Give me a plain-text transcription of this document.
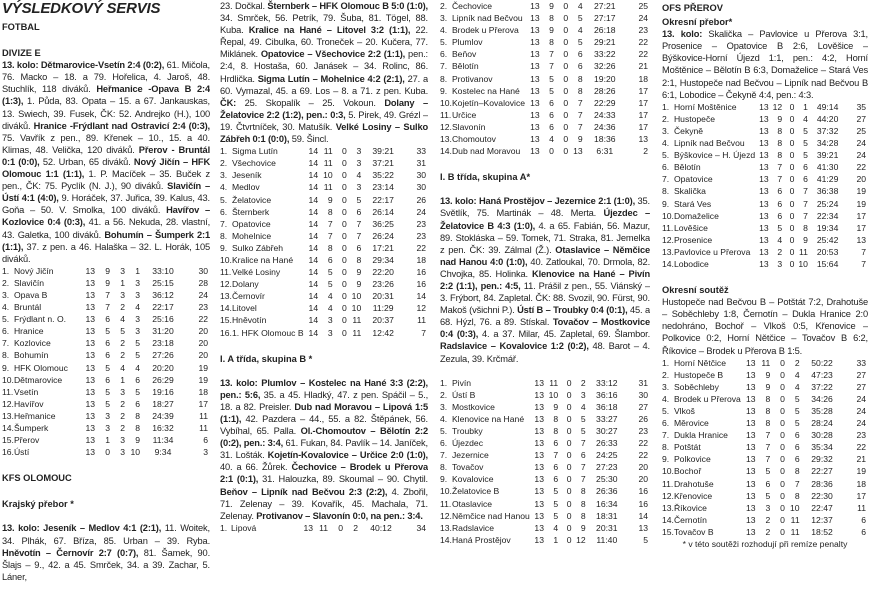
VÝSLEDKOVÝ SERVIS
FOTBAL
DIVIZE E

13. kolo: Dětmarovice-Vsetín 2:4 (0:2), 61. Mičola, 76. Macko – 18. a 79. Hořelica, 4. Jaroš, 48. Stuchlík, 118 diváků. Heřmanice -Opava B 2:4 (1:3), 1. Půda, 83. Opata – 15. a 67. Jankauskas, 13. Swiech, 39. Fusek, ČK: 52. Andrejko (H.), 100 diváků. Hranice -Frýdlant nad Ostravicí 2:4 (0:3), 75. Vavřík z pen., 89. Křenek – 10., 15. a 40. Klimas, 48. Velička, 120 diváků. Přerov - Bruntál 0:1 (0:0), 52. Urban, 65 diváků. Nový Jičín – HFK Olomouc 1:1 (1:1), 1. P. Macíček – 35. Buček z pen., ČK: 75. Pyclík (N. J.), 90 diváků. Slavičín – Ústí 4:1 (4:0), 9. Horáček, 37. Juřica, 39. Kalus, 43. Goňa – 50. V. Smolka, 100 diváků. Havířov – Kozlovice 0:4 (0:3), 41. a 56. Nekuda, 28. vlastní, 43. Galetka, 100 diváků. Bohumín – Šumperk 2:1 (1:1), 37. z pen. a 46. Halaška – 32. L. Horák, 105 diváků.

1.	Nový Jičín	13	9	3	1	33:10	30
2.	Slavičín	13	9	1	3	25:15	28
3.	Opava B	13	7	3	3	36:12	24
4.	Bruntál	13	7	2	4	22:17	23
5.	Frýdlant n. O.	13	6	4	3	25:16	22
6.	Hranice	13	5	5	3	31:20	20
7.	Kozlovice	13	6	2	5	23:18	20
8.	Bohumín	13	6	2	5	27:26	20
9.	HFK Olomouc	13	5	4	4	20:20	19
10.	Dětmarovice	13	6	1	6	26:29	19
11.	Vsetín	13	5	3	5	19:16	18
12.	Havířov	13	5	2	6	18:27	17
13.	Heřmanice	13	3	2	8	24:39	11
14.	Šumperk	13	3	2	8	16:32	11
15.	Přerov	13	1	3	9	11:34	6
16.	Ústí	13	0	3	10	9:34	3
KFS OLOMOUC
Krajský přebor *

13. kolo: Jeseník – Medlov 4:1 (2:1), 11. Woitek, 34. Plhák, 67. Bříza, 85. Urban – 39. Ryba. Hněvotín – Černovír 2:7 (0:7), 81. Šamek, 90. Šlajs – 9., 42. a 45. Smrček, 34. a 39. Zachar, 5. Láner,

23. Dočkal. Šternberk – HFK Olomouc B 5:0 (1:0), 34. Smrček, 56. Petrík, 79. Šuba, 81. Tögel, 88. Kuba. Kralice na Hané – Litovel 3:2 (1:1), 22. Řepal, 49. Cibulka, 60. Troneček – 20. Kučera, 77. Miklánek. Opatovice – Všechovice 2:2 (1:1), pen.: 2:4, 8. Hostaša, 60. Janásek – 34. Rolinc, 86. Hrdlička. Sigma Lutín – Mohelnice 4:2 (2:1), 27. a 60. Vymazal, 45. a 69. Los – 8. a 71. z pen. Kuba. ČK: 25. Skopalík – 25. Vokoun. Dolany – Želatovice 2:2 (1:2), pen.: 0:3, 5. Pirek, 49. Grézl – 19. Čtvrtníček, 30. Matušík. Velké Losiny – Sulko Zábřeh 0:1 (0:0), 59. Šincl.

1.	Sigma Lutín	14	11	0	3	39:21	33
2.	Všechovice	14	11	0	3	37:21	31
3.	Jeseník	14	10	0	4	35:22	30
4.	Medlov	14	11	0	3	23:14	30
5.	Želatovice	14	9	0	5	22:17	26
6.	Šternberk	14	8	0	6	26:14	24
7.	Opatovice	14	7	0	7	36:25	23
8.	Mohelnice	14	7	0	7	26:24	23
9.	Sulko Zábřeh	14	8	0	6	17:21	22
10.	Kralice na Hané	14	6	0	8	29:34	18
11.	Velké Losiny	14	5	0	9	22:20	16
12.	Dolany	14	5	0	9	23:26	16
13.	Černovír	14	4	0	10	20:31	14
14.	Litovel	14	4	0	10	11:29	12
15.	Hněvotín	14	3	0	11	20:37	11
16.	1. HFK Olomouc B	14	3	0	11	12:42	7
I. A třída, skupina B *

13. kolo: Plumlov – Kostelec na Hané 3:3 (2:2), pen.: 5:6, 35. a 45. Hladký, 47. z pen. Spáčil – 5., 18. a 82. Preisler. Dub nad Moravou – Lipová 1:5 (1:1), 42. Pazdera – 44., 55. a 82. Štěpánek, 56. Vybíhal, 65. Palla. Ol.-Chomoutov – Bělotín 2:2 (0:2), pen.: 3:4, 61. Fukan, 84. Pavlík – 14. Janíček, 31. Lošták. Kojetín-Kovalovice – Určice 2:0 (1:0), 40. a 66. Žůrek. Čechovice – Brodek u Přerova 2:1 (0:1), 31. Halouzka, 89. Skoumal – 90. Chytil. Beňov – Lipník nad Bečvou 2:3 (2:2), 4. Zbořil, 71. Zelenay – 39. Kovařík, 45. Machala, 71. Zelenay. Protivanov – Slavonín 0:0, na pen.: 3:4.

1.	Lipová	13	11	0	2	40:12	34
2.	Čechovice	13	9	0	4	27:21	25
3.	Lipník nad Bečvou	13	8	0	5	27:17	24
4.	Brodek u Přerova	13	9	0	4	26:18	23
5.	Plumlov	13	8	0	5	29:21	22
6.	Beňov	13	7	0	6	33:22	22
7.	Bělotín	13	7	0	6	32:26	21
8.	Protivanov	13	5	0	8	19:20	18
9.	Kostelec na Hané	13	5	0	8	28:26	17
10.	Kojetín–Kovalovice	13	6	0	7	22:29	17
11.	Určice	13	6	0	7	24:33	17
12.	Slavonín	13	6	0	7	24:36	17
13.	Chomoutov	13	4	0	9	18:36	13
14.	Dub nad Moravou	13	0	0	13	6:31	2
I. B třída, skupina A*

13. kolo: Haná Prostějov – Jezernice 2:1 (1:0), 35. Světlík, 75. Martinák – 48. Merta. Újezdec – Želatovice B 4:3 (1:0), 4. a 65. Fabián, 56. Mazur, 89. Stokláska – 59. Tomek, 71. Straka, 81. Jemelka z pen. ČK: 39. Zálmal (Ž.). Otaslavice – Němčice nad Hanou 4:0 (1:0), 40. Zatloukal, 70. Drmola, 82. Chvojka, 85. Holinka. Klenovice na Hané – Pivín 2:2 (1:1), pen.: 4:5, 11. Prášil z pen., 55. Viánský – 3. Frýbort, 84. Zapletal. ČK: 88. Svozil, 90. Fürst, 90. Makoš (všichni P.). Ústí B – Troubky 0:4 (0:1), 45. a 68. Hýzl, 76. a 89. Stískal. Tovačov – Mostkovice 0:4 (0:3), 4. a 37. Milar, 45. Zapletal, 69. Šlambor. Radslavice – Kovalovice 1:2 (0:2), 48. Barot – 4. Zezula, 39. Krčmář.

1.	Pivín	13	11	0	2	33:12	31
2.	Ústí B	13	10	0	3	36:16	30
3.	Mostkovice	13	9	0	4	36:18	27
4.	Klenovice na Hané	13	8	0	5	33:27	26
5.	Troubky	13	8	0	5	30:27	23
6.	Újezdec	13	6	0	7	26:33	22
7.	Jezernice	13	7	0	6	24:25	22
8.	Tovačov	13	6	0	7	27:23	20
9.	Kovalovice	13	6	0	7	25:30	20
10.	Želatovice B	13	5	0	8	26:36	16
11.	Otaslavice	13	5	0	8	16:34	16
12.	Němčice nad Hanou	13	5	0	8	18:31	14
13.	Radslavice	13	4	0	9	20:31	13
14.	Haná Prostějov	13	1	0	12	11:40	5
OFS PŘEROV
Okresní přebor*

13. kolo: Skalička – Pavlovice u Přerova 3:1, Prosenice – Opatovice B 2:6, Lověšice – Býškovice-Horní Újezd 1:1, pen.: 4:2, Horní Moštěnice – Bělotín B 6:3, Domaželice – Stará Ves 2:1, Hustopeče nad Bečvou – Lipník nad Bečvou B 6:1, Lobodice – Čekyně 4:4, pen.: 4:3.

1.	Horní Moštěnice	13	12	0	1	49:14	35
2.	Hustopeče	13	9	0	4	44:20	27
3.	Čekyně	13	8	0	5	37:32	25
4.	Lipník nad Bečvou	13	8	0	5	34:28	24
5.	Býškovice – H. Újezd	13	8	0	5	39:21	24
6.	Bělotín	13	7	0	6	41:30	22
7.	Opatovice	13	7	0	6	41:29	20
8.	Skalička	13	6	0	7	36:38	19
9.	Stará Ves	13	6	0	7	25:24	19
10.	Domaželice	13	6	0	7	22:34	17
11.	Lověšice	13	5	0	8	19:34	17
12.	Prosenice	13	4	0	9	25:42	13
13.	Pavlovice u Přerova	13	2	0	11	20:53	7
14.	Lobodice	13	3	0	10	15:64	7
Okresní soutěž

Hustopeče nad Bečvou B – Potštát 7:2, Drahotuše – Soběchleby 1:8, Černotín – Dukla Hranice 2:0 nedohráno, Bochoř – Vlkoš 0:5, Křenovice – Polkovice 0:2, Horní Nětčice – Tovačov B 6:2, Říkovice – Brodek u Přerova B 1:5.

1.	Horní Nětčice	13	11	0	2	50:22	33
2.	Hustopeče B	13	9	0	4	47:23	27
3.	Soběchleby	13	9	0	4	37:22	27
4.	Brodek u Přerova	13	8	0	5	34:26	24
5.	Vlkoš	13	8	0	5	35:28	24
6.	Měrovice	13	8	0	5	28:24	24
7.	Dukla Hranice	13	7	0	6	30:28	23
8.	Potštát	13	7	0	6	35:34	22
9.	Polkovice	13	7	0	6	29:32	21
10.	Bochoř	13	5	0	8	22:27	19
11.	Drahotuše	13	6	0	7	28:36	18
12.	Křenovice	13	5	0	8	22:30	17
13.	Říkovice	13	3	0	10	22:47	11
14.	Černotín	13	2	0	11	12:37	6
15.	Tovačov B	13	2	0	11	18:52	6
* v této soutěži rozhodují při remíze penalty
